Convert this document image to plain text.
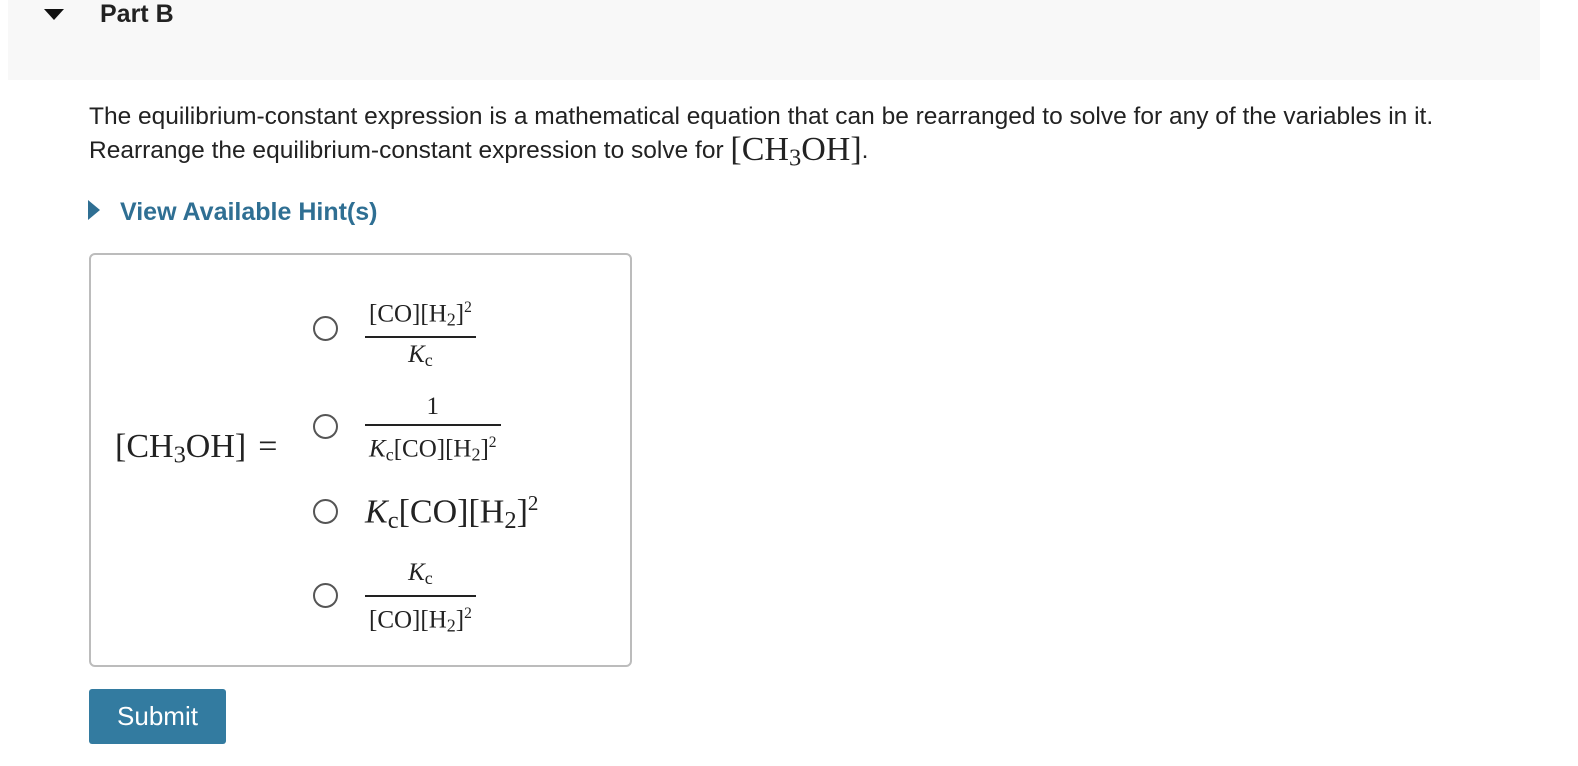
Part B
The equilibrium-constant expression is a mathematical equation that can be rearranged to solve for any of the variables in it. Rearrange the equilibrium-constant expression to solve for $[CH_3OH]$.
View Available Hint(s)
$[CH_3OH]$ =
$\frac{[CO][H_2]^2}{K_c}$
$\frac{1}{K_c[CO][H_2]^2}$
$K_c[CO][H_2]^2$
$\frac{K_c}{[CO][H_2]^2}$
Submit
